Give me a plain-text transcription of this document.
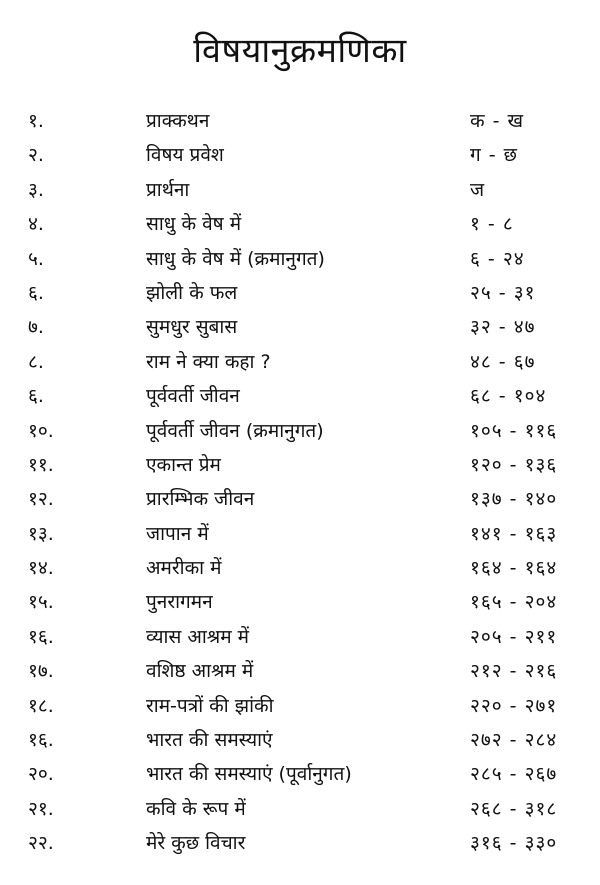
विषयानुक्रमणिका
१.	प्राक्कथन	क - ख
२.	विषय प्रवेश	ग - छ
३.	प्रार्थना	ज
४.	साधु के वेष में	१ - ८
५.	साधु के वेष में (क्रमानुगत)	६ - २४
६.	झोली के फल	२५ - ३१
७.	सुमधुर सुबास	३२ - ४७
८.	राम ने क्या कहा ?	४८ - ६७
६.	पूर्ववर्ती जीवन	६८ - १०४
१०.	पूर्ववर्ती जीवन (क्रमानुगत)	१०५ - ११६
११.	एकान्त प्रेम	१२० - १३६
१२.	प्रारम्भिक जीवन	१३७ - १४०
१३.	जापान में	१४१ - १६३
१४.	अमरीका में	१६४ - १६४
१५.	पुनरागमन	१६५ - २०४
१६.	व्यास आश्रम में	२०५ - २११
१७.	वशिष्ठ आश्रम में	२१२ - २१६
१८.	राम-पत्रों की झांकी	२२० - २७१
१६.	भारत की समस्याएं	२७२ - २८४
२०.	भारत की समस्याएं (पूर्वानुगत)	२८५ - २६७
२१.	कवि के रूप में	२६८ - ३१८
२२.	मेरे कुछ विचार	३१६ - ३३०
